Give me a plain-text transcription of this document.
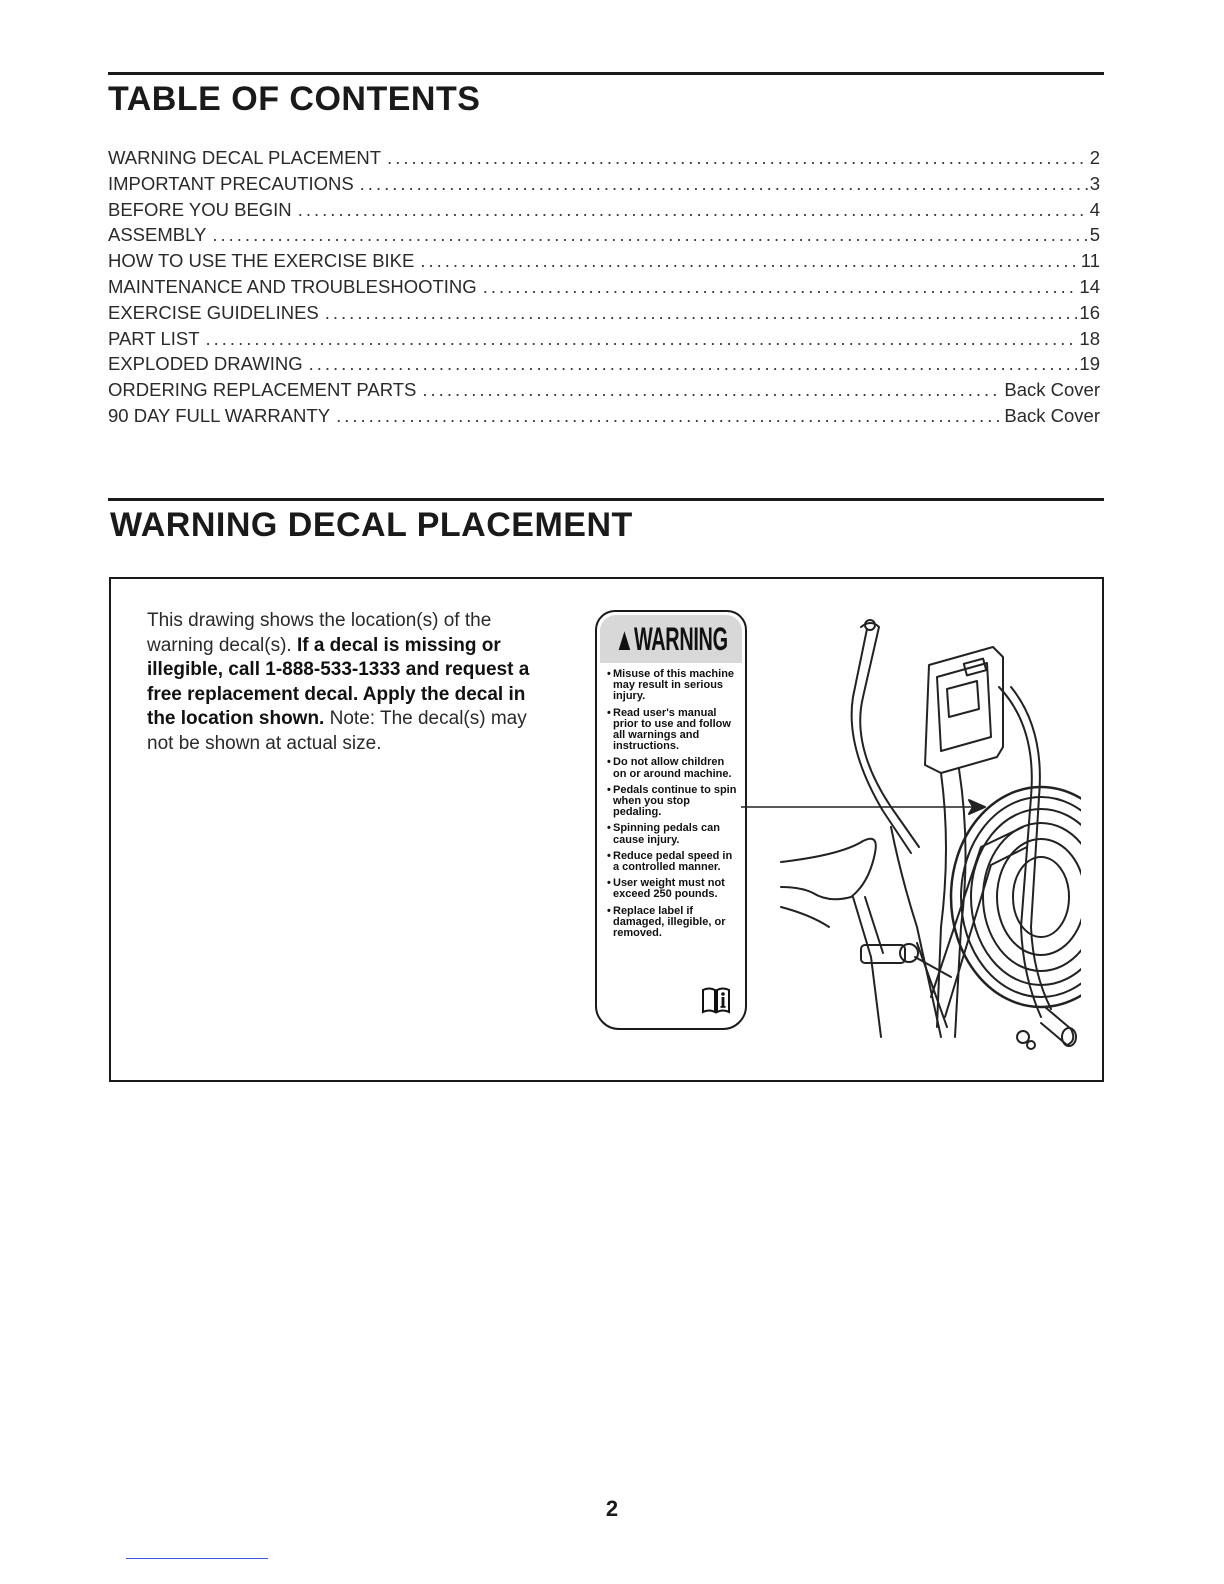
TABLE OF CONTENTS
WARNING DECAL PLACEMENT .....	2
IMPORTANT PRECAUTIONS .....	3
BEFORE YOU BEGIN .....	4
ASSEMBLY .....	5
HOW TO USE THE EXERCISE BIKE .....	11
MAINTENANCE AND TROUBLESHOOTING .....	14
EXERCISE GUIDELINES .....	16
PART LIST .....	18
EXPLODED DRAWING .....	19
ORDERING REPLACEMENT PARTS .....	Back Cover
90 DAY FULL WARRANTY .....	Back Cover
WARNING DECAL PLACEMENT

This drawing shows the location(s) of the warning decal(s). If a decal is missing or illegible, call 1-888-533-1333 and request a free replacement decal. Apply the decal in the location shown. Note: The decal(s) may not be shown at actual size.

▲WARNING
• Misuse of this machine may result in serious injury.
• Read user's manual prior to use and follow all warnings and instructions.
• Do not allow children on or around machine.
• Pedals continue to spin when you stop pedaling.
• Spinning pedals can cause injury.
• Reduce pedal speed in a controlled manner.
• User weight must not exceed 250 pounds.
• Replace label if damaged, illegible, or removed.
2
